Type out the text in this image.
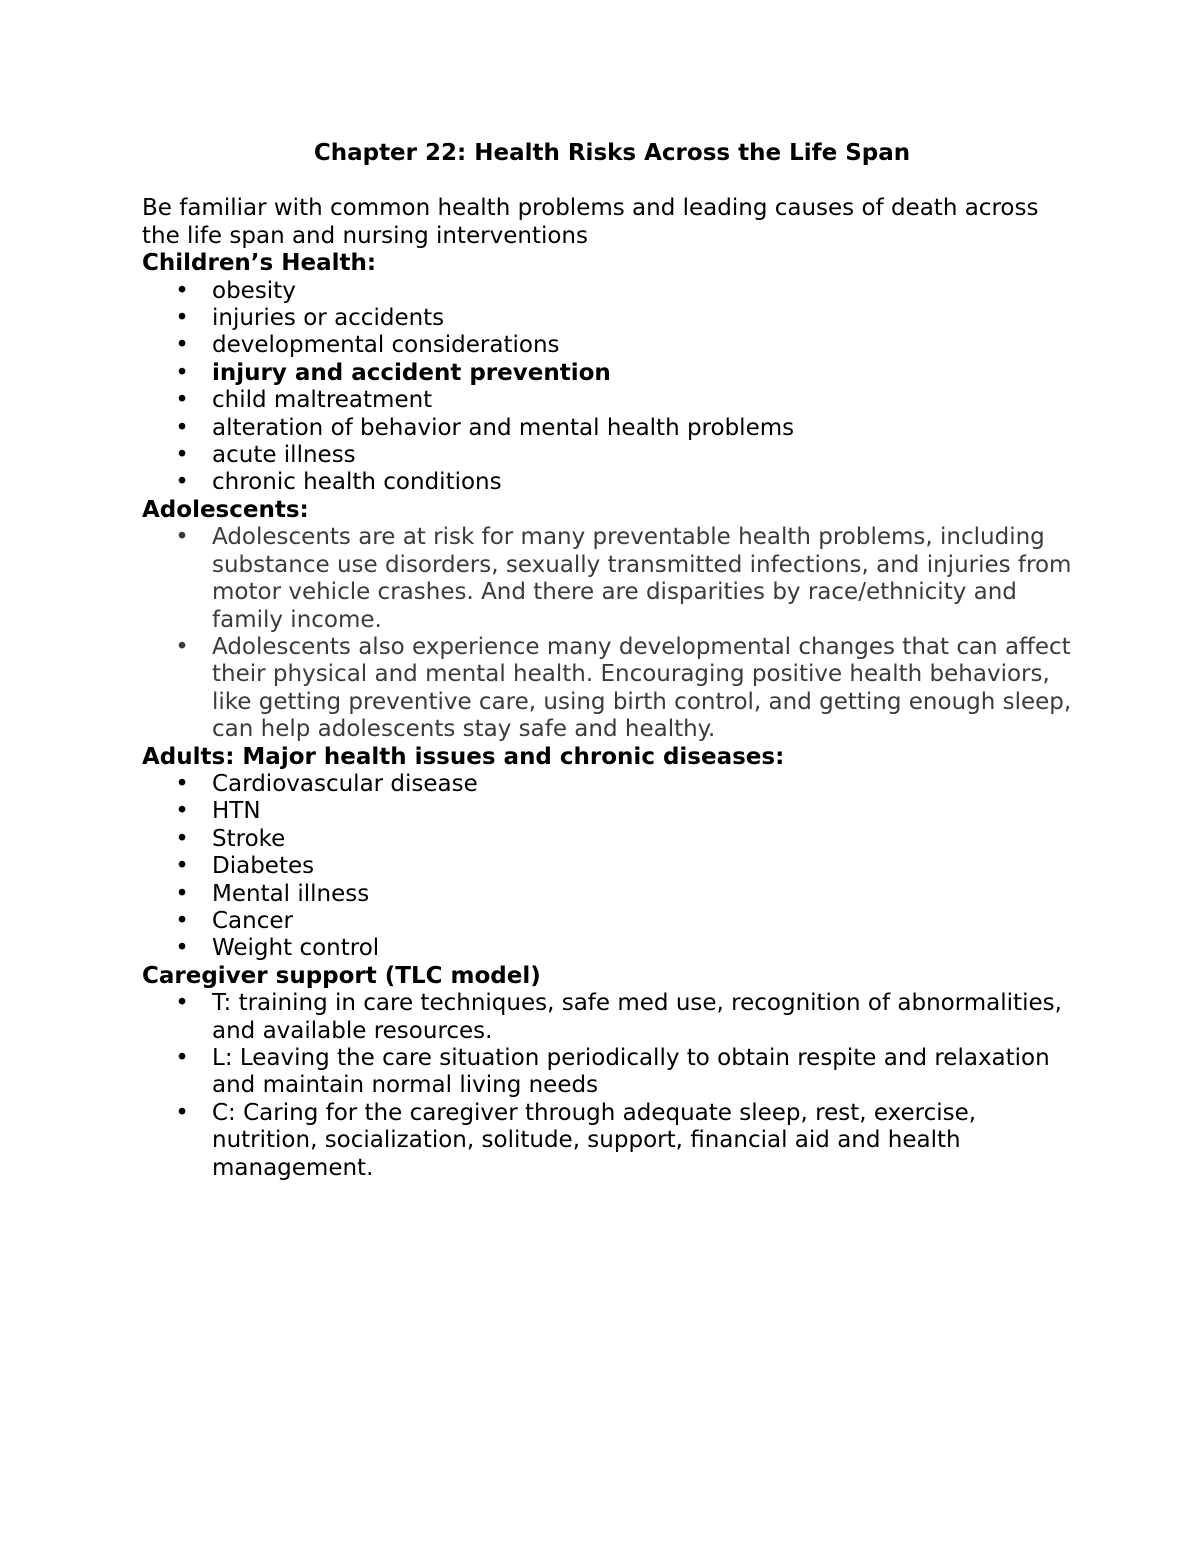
Chapter 22: Health Risks Across the Life Span

Be familiar with common health problems and leading causes of death across the life span and nursing interventions

Children’s Health:

• obesity
• injuries or accidents
• developmental considerations
• injury and accident prevention
• child maltreatment
• alteration of behavior and mental health problems
• acute illness
• chronic health conditions

Adolescents:

• Adolescents are at risk for many preventable health problems, including substance use disorders, sexually transmitted infections, and injuries from motor vehicle crashes. And there are disparities by race/ethnicity and family income.
• Adolescents also experience many developmental changes that can affect their physical and mental health. Encouraging positive health behaviors, like getting preventive care, using birth control, and getting enough sleep, can help adolescents stay safe and healthy.

Adults: Major health issues and chronic diseases:

• Cardiovascular disease
• HTN
• Stroke
• Diabetes
• Mental illness
• Cancer
• Weight control

Caregiver support (TLC model)

• T: training in care techniques, safe med use, recognition of abnormalities, and available resources.
• L: Leaving the care situation periodically to obtain respite and relaxation and maintain normal living needs
• C: Caring for the caregiver through adequate sleep, rest, exercise, nutrition, socialization, solitude, support, financial aid and health management.
